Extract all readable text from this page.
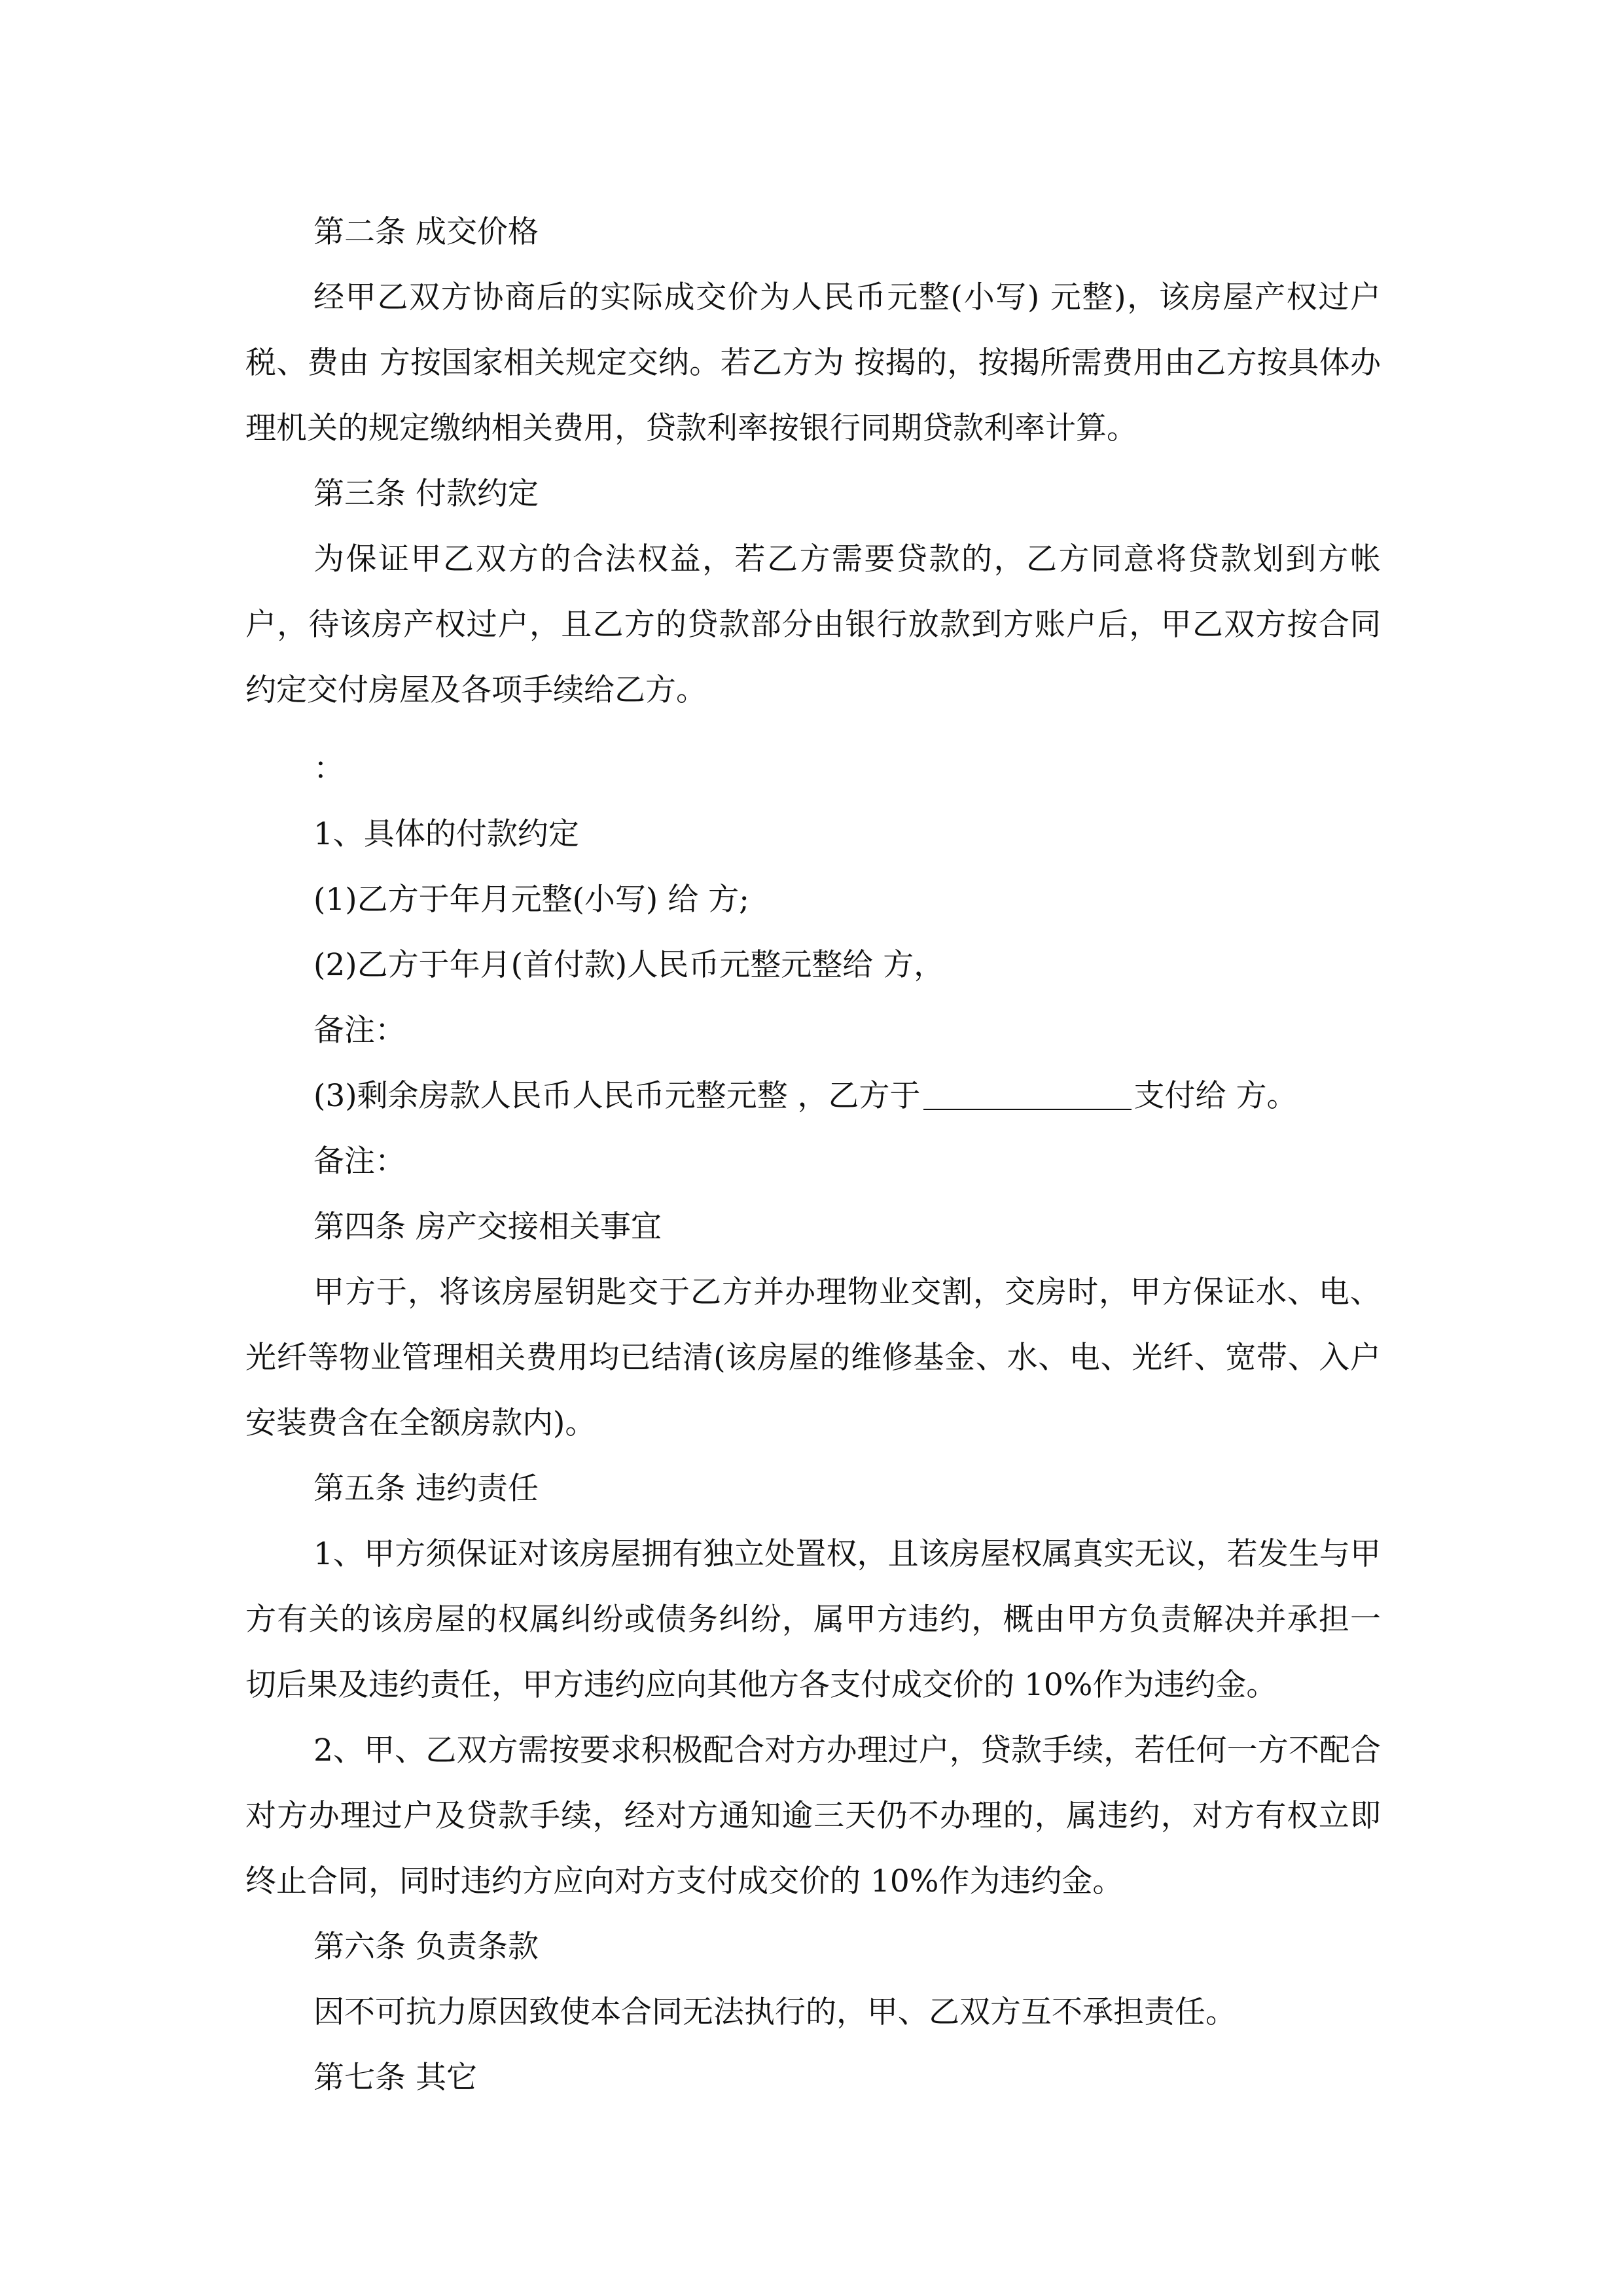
第二条 成交价格

经甲乙双方协商后的实际成交价为人民币元整(小写) 元整)，该房屋产权过户税、费由 方按国家相关规定交纳。若乙方为 按揭的，按揭所需费用由乙方按具体办理机关的规定缴纳相关费用，贷款利率按银行同期贷款利率计算。

第三条 付款约定

为保证甲乙双方的合法权益，若乙方需要贷款的，乙方同意将贷款划到方帐户，待该房产权过户，且乙方的贷款部分由银行放款到方账户后，甲乙双方按合同约定交付房屋及各项手续给乙方。

：

1、具体的付款约定

(1)乙方于年月元整(小写) 给 方;

(2)乙方于年月(首付款)人民币元整元整给 方，

备注：

(3)剩余房款人民币人民币元整元整 ，乙方于	支付给 方。

备注：

第四条 房产交接相关事宜

甲方于，将该房屋钥匙交于乙方并办理物业交割，交房时，甲方保证水、电、光纤等物业管理相关费用均已结清(该房屋的维修基金、水、电、光纤、宽带、入户安装费含在全额房款内)。

第五条 违约责任

1、甲方须保证对该房屋拥有独立处置权，且该房屋权属真实无议，若发生与甲方有关的该房屋的权属纠纷或债务纠纷，属甲方违约，概由甲方负责解决并承担一切后果及违约责任，甲方违约应向其他方各支付成交价的 10%作为违约金。

2、甲、乙双方需按要求积极配合对方办理过户，贷款手续，若任何一方不配合对方办理过户及贷款手续，经对方通知逾三天仍不办理的，属违约，对方有权立即终止合同，同时违约方应向对方支付成交价的 10%作为违约金。

第六条 负责条款

因不可抗力原因致使本合同无法执行的，甲、乙双方互不承担责任。

第七条 其它
